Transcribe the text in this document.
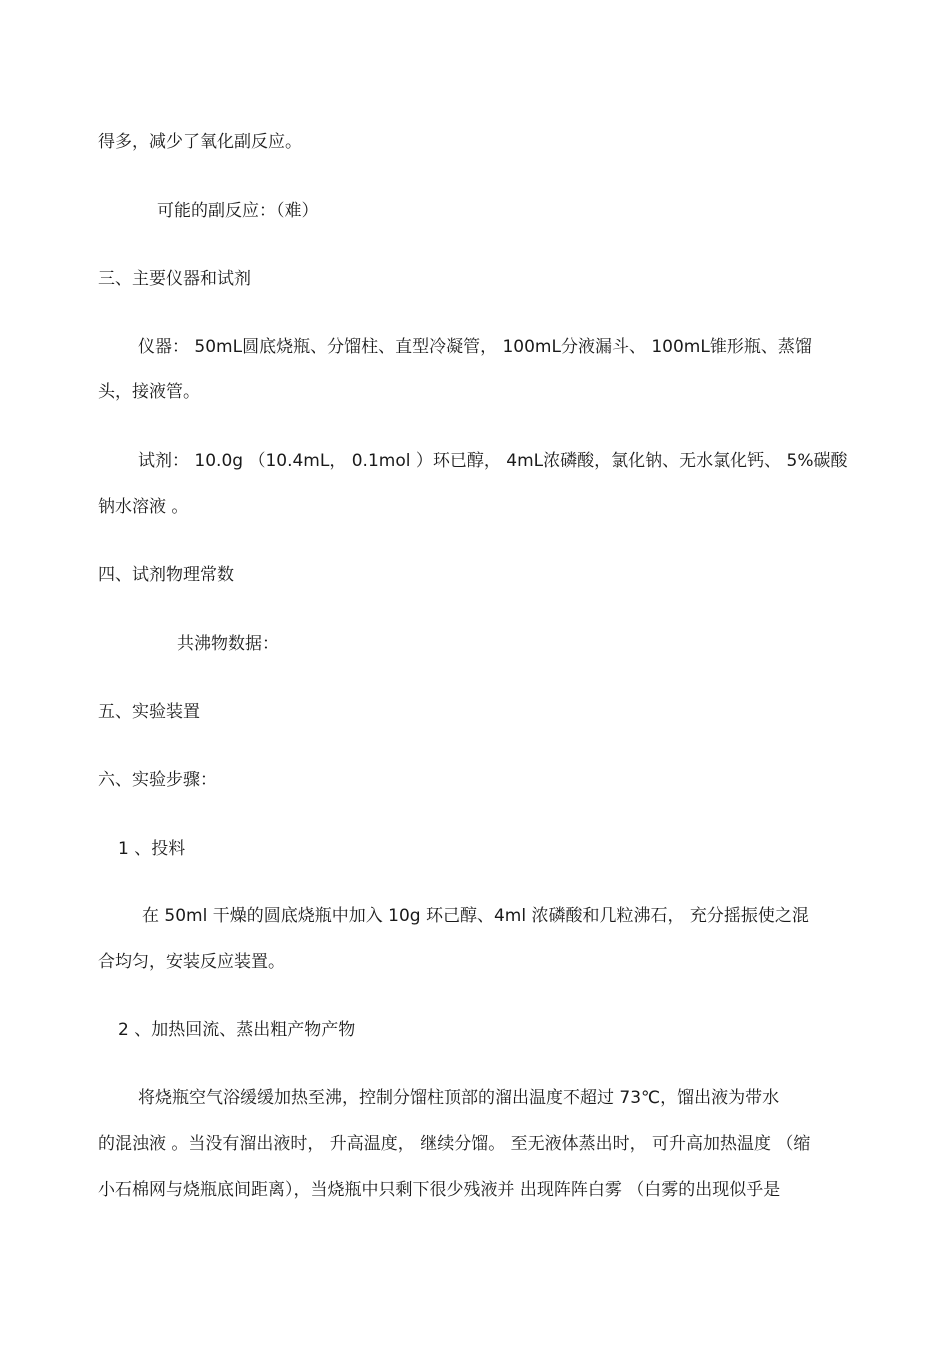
得多，减少了氧化副反应。

可能的副反应：（难）

三、主要仪器和试剂

仪器： 50mL圆底烧瓶、分馏柱、直型冷凝管， 100mL分液漏斗、 100mL锥形瓶、蒸馏

头，接液管。

试剂： 10.0g （10.4mL， 0.1mol ）环已醇， 4mL浓磷酸，氯化钠、无水氯化钙、 5%碳酸

钠水溶液 。

四、试剂物理常数

共沸物数据：

五、实验装置
六、实验步骤：
1 、投料

在 50ml 干燥的圆底烧瓶中加入 10g 环己醇、4ml 浓磷酸和几粒沸石， 充分摇振使之混

合均匀，安装反应装置。

2 、加热回流、蒸出粗产物产物

将烧瓶空气浴缓缓加热至沸，控制分馏柱顶部的溜出温度不超过 73℃，馏出液为带水

的混浊液 。当没有溜出液时， 升高温度， 继续分馏。 至无液体蒸出时， 可升高加热温度 （缩

小石棉网与烧瓶底间距离），当烧瓶中只剩下很少残液并 出现阵阵白雾 （白雾的出现似乎是
